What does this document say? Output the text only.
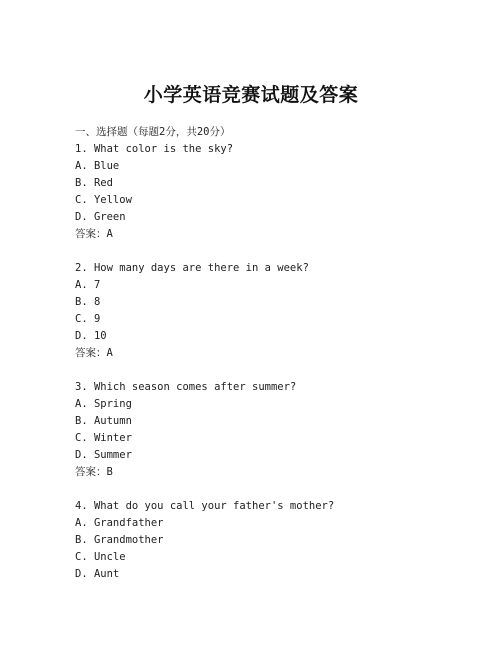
小学英语竞赛试题及答案
一、选择题（每题2分，共20分）
1. What color is the sky?
A. Blue
B. Red
C. Yellow
D. Green
答案：A
2. How many days are there in a week?
A. 7
B. 8
C. 9
D. 10
答案：A
3. Which season comes after summer?
A. Spring
B. Autumn
C. Winter
D. Summer
答案：B
4. What do you call your father's mother?
A. Grandfather
B. Grandmother
C. Uncle
D. Aunt
